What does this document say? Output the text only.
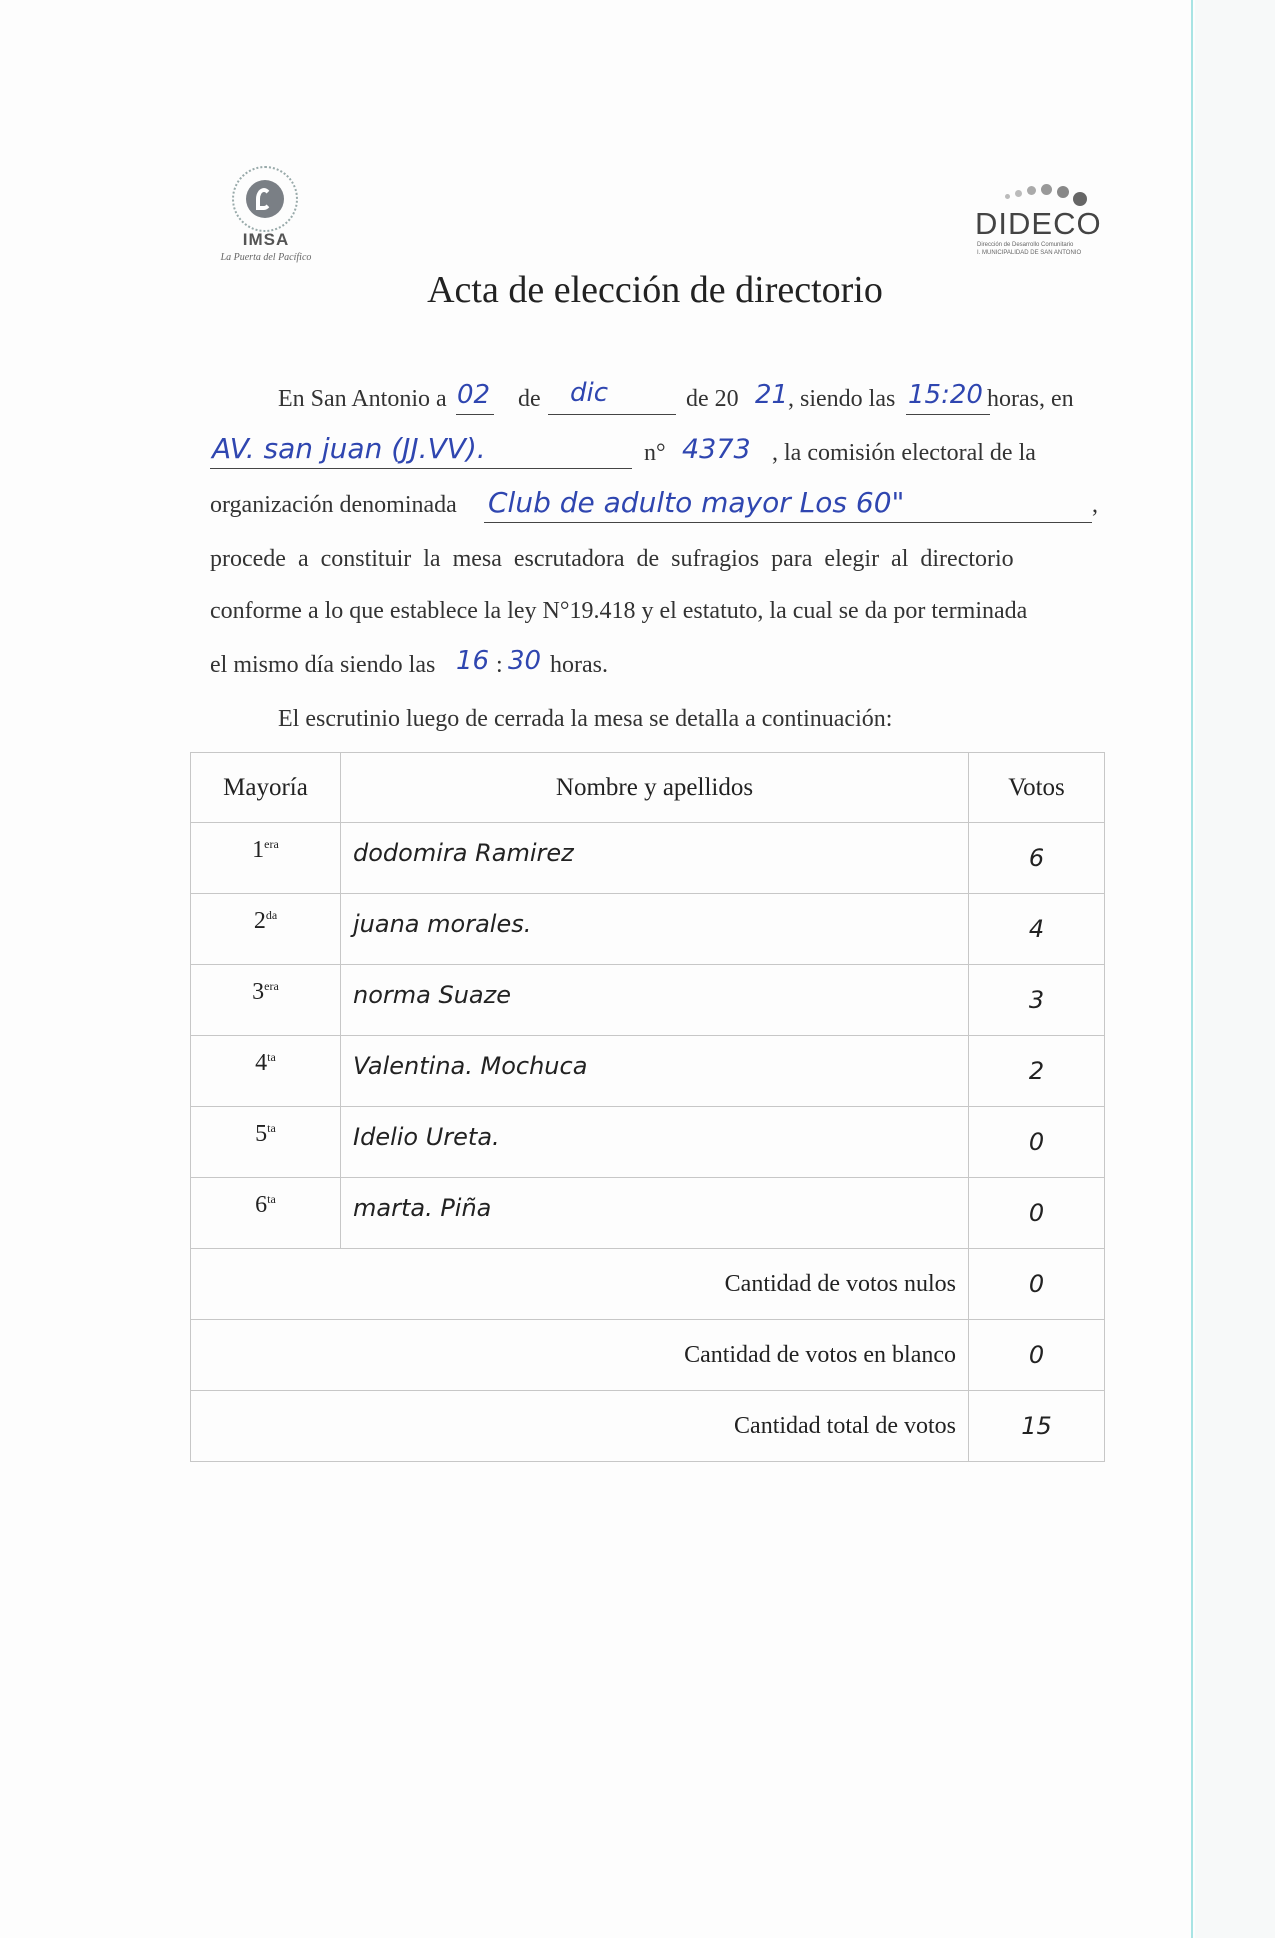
IMSA
La Puerta del Pacífico
DIDECO
Dirección de Desarrollo Comunitario
I. MUNICIPALIDAD DE SAN ANTONIO
Acta de elección de directorio
En San Antonio a 02 de dic	de 20 21 , siendo las 15:20 horas, en
AV. san juan (JJ.VV).	n° 4373 , la comisión electoral de la
organización denominada Club de adulto mayor Los 60"	,
procede a constituir la mesa escrutadora de sufragios para elegir al directorio
conforme a lo que establece la ley N°19.418 y el estatuto, la cual se da por terminada
el mismo día siendo las 16 : 30 horas.
El escrutinio luego de cerrada la mesa se detalla a continuación:
Mayoría	Nombre y apellidos	Votos
$1^{era}$	dodomira Ramirez	6
$2^{da}$	juana morales.	4
$3^{era}$	norma Suaze	3
$4^{ta}$	Valentina. Mochuca	2
$5^{ta}$	Idelio Ureta.	0
$6^{ta}$	marta. Piña	0
Cantidad de votos nulos		0
Cantidad de votos en blanco		0
Cantidad total de votos		15
